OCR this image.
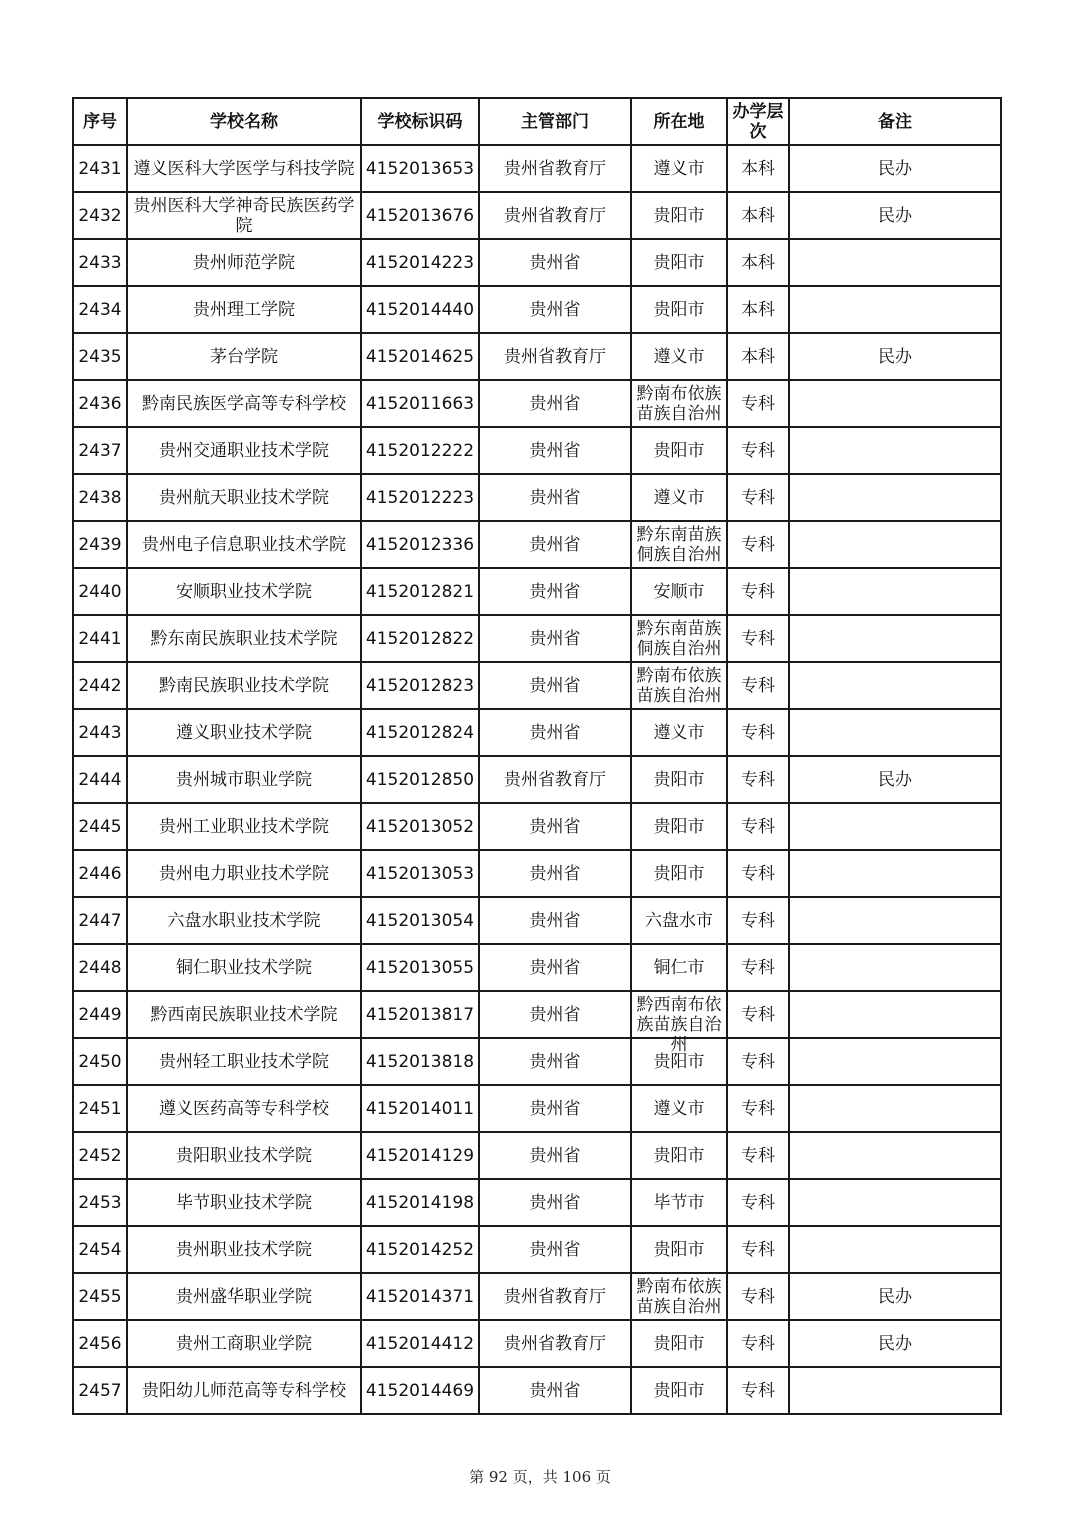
序号	学校名称	学校标识码	主管部门	所在地	办学层次	备注

2431	遵义医科大学医学与科技学院	4152013653	贵州省教育厅	遵义市	本科	民办

2432	贵州医科大学神奇民族医药学院	4152013676	贵州省教育厅	贵阳市	本科	民办

2433	贵州师范学院	4152014223	贵州省	贵阳市	本科	

2434	贵州理工学院	4152014440	贵州省	贵阳市	本科	

2435	茅台学院	4152014625	贵州省教育厅	遵义市	本科	民办

2436	黔南民族医学高等专科学校	4152011663	贵州省	黔南布依族苗族自治州	专科	

2437	贵州交通职业技术学院	4152012222	贵州省	贵阳市	专科	

2438	贵州航天职业技术学院	4152012223	贵州省	遵义市	专科	

2439	贵州电子信息职业技术学院	4152012336	贵州省	黔东南苗族侗族自治州	专科	

2440	安顺职业技术学院	4152012821	贵州省	安顺市	专科	

2441	黔东南民族职业技术学院	4152012822	贵州省	黔东南苗族侗族自治州	专科	

2442	黔南民族职业技术学院	4152012823	贵州省	黔南布依族苗族自治州	专科	

2443	遵义职业技术学院	4152012824	贵州省	遵义市	专科	

2444	贵州城市职业学院	4152012850	贵州省教育厅	贵阳市	专科	民办

2445	贵州工业职业技术学院	4152013052	贵州省	贵阳市	专科	

2446	贵州电力职业技术学院	4152013053	贵州省	贵阳市	专科	

2447	六盘水职业技术学院	4152013054	贵州省	六盘水市	专科	

2448	铜仁职业技术学院	4152013055	贵州省	铜仁市	专科	

2449	黔西南民族职业技术学院	4152013817	贵州省	黔西南布依族苗族自治州	专科	

2450	贵州轻工职业技术学院	4152013818	贵州省	贵阳市	专科	

2451	遵义医药高等专科学校	4152014011	贵州省	遵义市	专科	

2452	贵阳职业技术学院	4152014129	贵州省	贵阳市	专科	

2453	毕节职业技术学院	4152014198	贵州省	毕节市	专科	

2454	贵州职业技术学院	4152014252	贵州省	贵阳市	专科	

2455	贵州盛华职业学院	4152014371	贵州省教育厅	黔南布依族苗族自治州	专科	民办

2456	贵州工商职业学院	4152014412	贵州省教育厅	贵阳市	专科	民办

2457	贵阳幼儿师范高等专科学校	4152014469	贵州省	贵阳市	专科	

第 92 页，共 106 页
